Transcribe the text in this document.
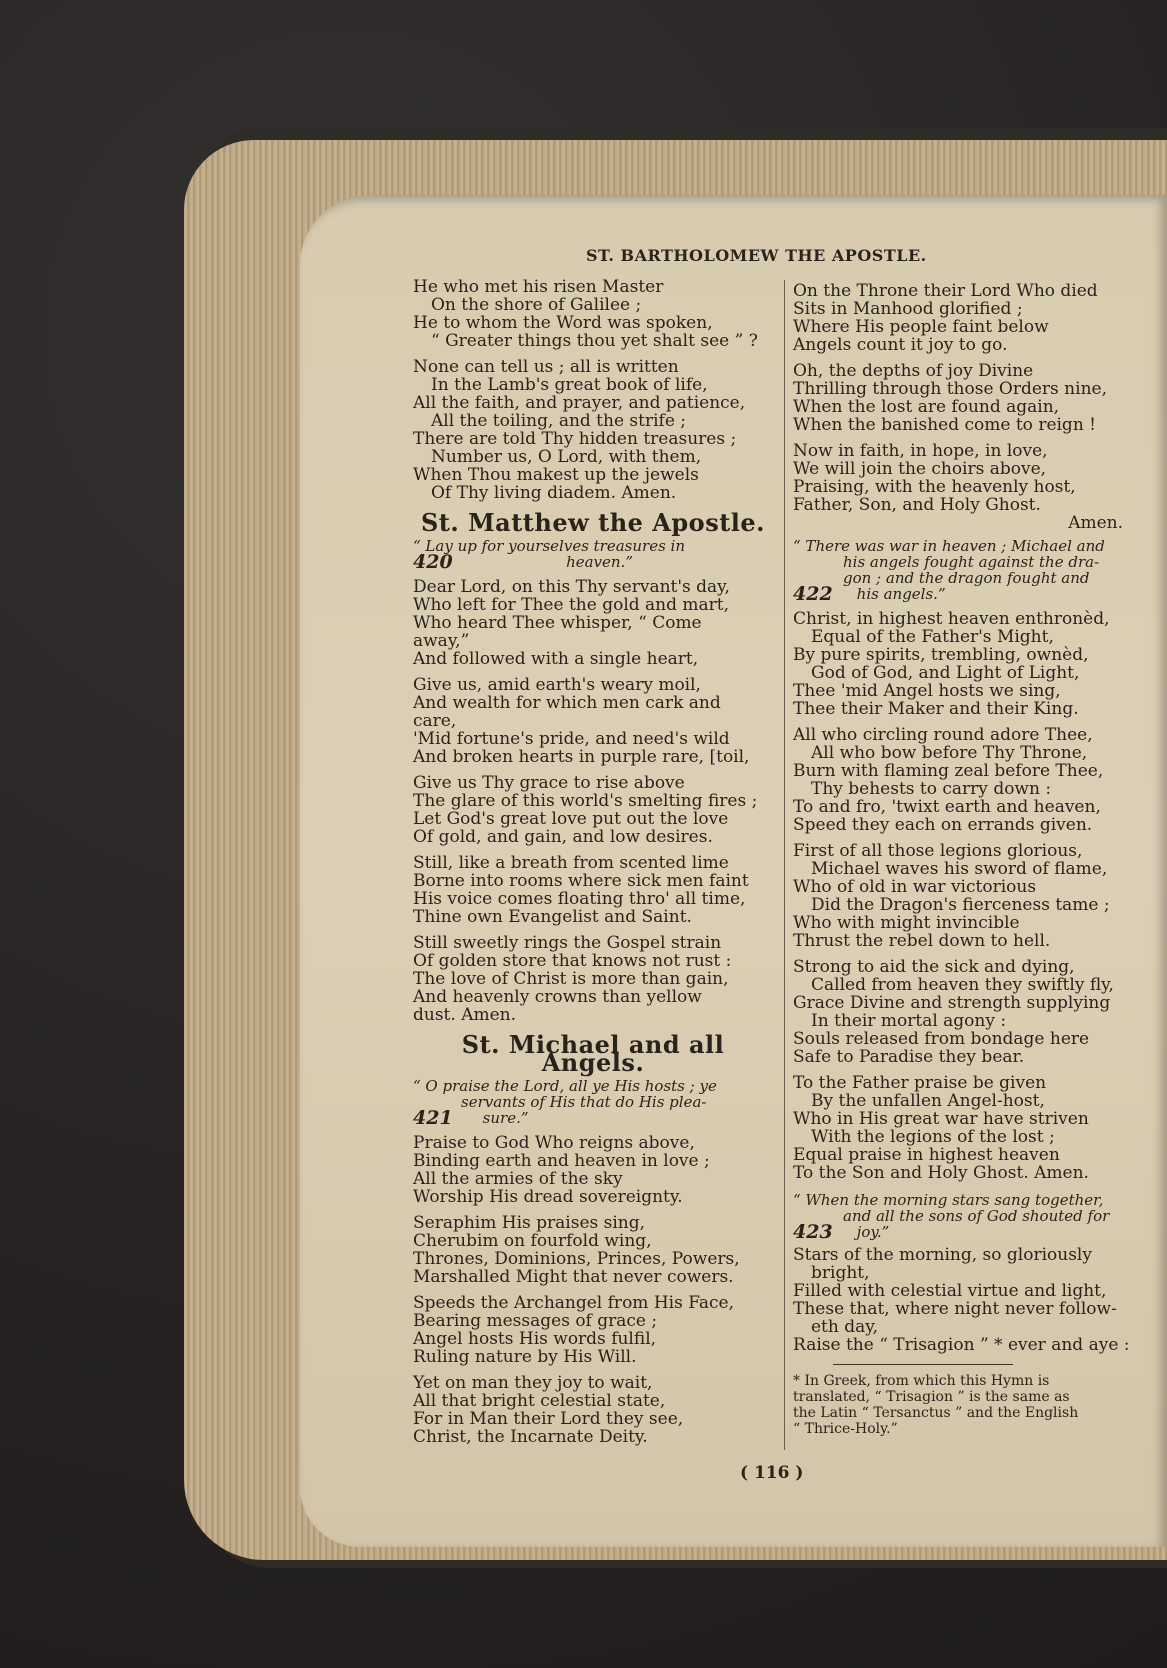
ST. BARTHOLOMEW THE APOSTLE.
He who met his risen Master
On the shore of Galilee ;
He to whom the Word was spoken,
“ Greater things thou yet shalt see ” ?
None can tell us ; all is written
In the Lamb's great book of life,
All the faith, and prayer, and patience,
All the toiling, and the strife ;
There are told Thy hidden treasures ;
Number us, O Lord, with them,
When Thou makest up the jewels
Of Thy living diadem. Amen.
St. Matthew the Apostle.
“ Lay up for yourselves treasures in
420	heaven.”
Dear Lord, on this Thy servant's day,
Who left for Thee the gold and mart,
Who heard Thee whisper, “ Come
away,”
And followed with a single heart,
Give us, amid earth's weary moil,
And wealth for which men cark and
care,
'Mid fortune's pride, and need's wild
And broken hearts in purple rare, [toil,
Give us Thy grace to rise above
The glare of this world's smelting fires ;
Let God's great love put out the love
Of gold, and gain, and low desires.
Still, like a breath from scented lime
Borne into rooms where sick men faint
His voice comes floating thro' all time,
Thine own Evangelist and Saint.
Still sweetly rings the Gospel strain
Of golden store that knows not rust :
The love of Christ is more than gain,
And heavenly crowns than yellow
dust. Amen.
St. Michael and all Angels.
“ O praise the Lord, all ye His hosts ; ye
servants of His that do His plea-
421 sure.”
Praise to God Who reigns above,
Binding earth and heaven in love ;
All the armies of the sky
Worship His dread sovereignty.
Seraphim His praises sing,
Cherubim on fourfold wing,
Thrones, Dominions, Princes, Powers,
Marshalled Might that never cowers.
Speeds the Archangel from His Face,
Bearing messages of grace ;
Angel hosts His words fulfil,
Ruling nature by His Will.
Yet on man they joy to wait,
All that bright celestial state,
For in Man their Lord they see,
Christ, the Incarnate Deity.
On the Throne their Lord Who died
Sits in Manhood glorified ;
Where His people faint below
Angels count it joy to go.
Oh, the depths of joy Divine
Thrilling through those Orders nine,
When the lost are found again,
When the banished come to reign !
Now in faith, in hope, in love,
We will join the choirs above,
Praising, with the heavenly host,
Father, Son, and Holy Ghost.
Amen.
“ There was war in heaven ; Michael and
his angels fought against the dra-
gon ; and the dragon fought and
422 his angels.”
Christ, in highest heaven enthronèd,
Equal of the Father's Might,
By pure spirits, trembling, ownèd,
God of God, and Light of Light,
Thee 'mid Angel hosts we sing,
Thee their Maker and their King.
All who circling round adore Thee,
All who bow before Thy Throne,
Burn with flaming zeal before Thee,
Thy behests to carry down :
To and fro, 'twixt earth and heaven,
Speed they each on errands given.
First of all those legions glorious,
Michael waves his sword of flame,
Who of old in war victorious
Did the Dragon's fierceness tame ;
Who with might invincible
Thrust the rebel down to hell.
Strong to aid the sick and dying,
Called from heaven they swiftly fly,
Grace Divine and strength supplying
In their mortal agony :
Souls released from bondage here
Safe to Paradise they bear.
To the Father praise be given
By the unfallen Angel-host,
Who in His great war have striven
With the legions of the lost ;
Equal praise in highest heaven
To the Son and Holy Ghost. Amen.
“ When the morning stars sang together,
and all the sons of God shouted for
423 joy.”
Stars of the morning, so gloriously
bright,
Filled with celestial virtue and light,
These that, where night never follow-
eth day,
Raise the “ Trisagion ” * ever and aye :
* In Greek, from which this Hymn is
translated, “ Trisagion ” is the same as
the Latin “ Tersanctus ” and the English
“ Thrice-Holy.”
( 116 )
